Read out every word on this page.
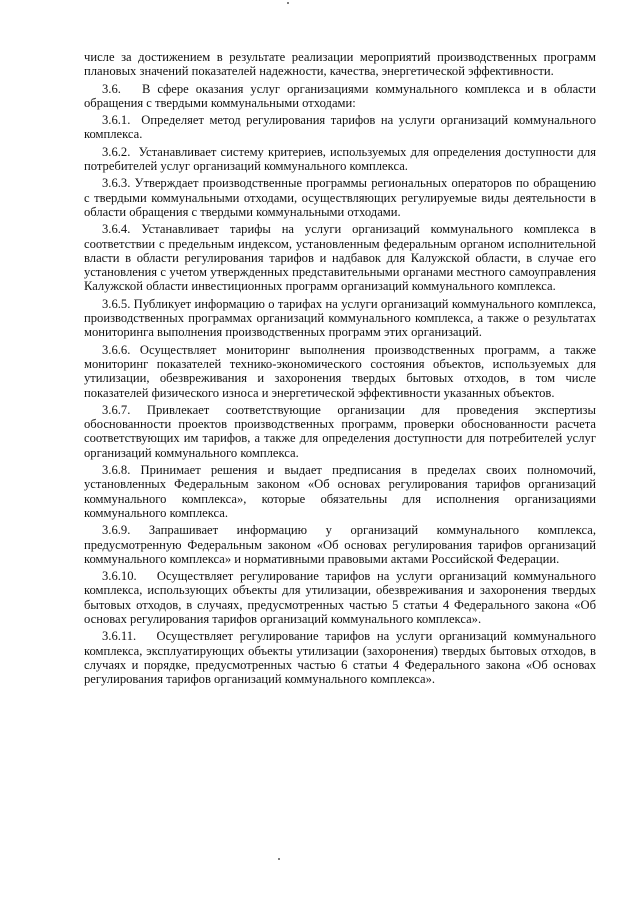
числе за достижением в результате реализации мероприятий производственных программ плановых значений показателей надежности, качества, энергетической эффективности.

3.6.   В сфере оказания услуг организациями коммунального комплекса и в области обращения с твердыми коммунальными отходами:

3.6.1.  Определяет метод регулирования тарифов на услуги организаций коммунального комплекса.

3.6.2.  Устанавливает систему критериев, используемых для определения доступности для потребителей услуг организаций коммунального комплекса.

3.6.3. Утверждает производственные программы региональных операторов по обращению с твердыми коммунальными отходами, осуществляющих регулируемые виды деятельности в области обращения с твердыми коммунальными отходами.

3.6.4. Устанавливает тарифы на услуги организаций коммунального комплекса в соответствии с предельным индексом, установленным федеральным органом исполнительной власти в области регулирования тарифов и надбавок для Калужской области, в случае его установления с учетом утвержденных представительными органами местного самоуправления Калужской области инвестиционных программ организаций коммунального комплекса.

3.6.5. Публикует информацию о тарифах на услуги организаций коммунального комплекса, производственных программах организаций коммунального комплекса, а также о результатах мониторинга выполнения производственных программ этих организаций.

3.6.6. Осуществляет мониторинг выполнения производственных программ, а также мониторинг показателей технико-экономического состояния объектов, используемых для утилизации, обезвреживания и захоронения твердых бытовых отходов, в том числе показателей физического износа и энергетической эффективности указанных объектов.

3.6.7. Привлекает соответствующие организации для проведения экспертизы обоснованности проектов производственных программ, проверки обоснованности расчета соответствующих им тарифов, а также для определения доступности для потребителей услуг организаций коммунального комплекса.

3.6.8. Принимает решения и выдает предписания в пределах своих полномочий, установленных Федеральным законом «Об основах регулирования тарифов организаций коммунального комплекса», которые обязательны для исполнения организациями коммунального комплекса.

3.6.9. Запрашивает информацию у организаций коммунального комплекса, предусмотренную Федеральным законом «Об основах регулирования тарифов организаций коммунального комплекса» и нормативными правовыми актами Российской Федерации.

3.6.10.   Осуществляет регулирование тарифов на услуги организаций коммунального комплекса, использующих объекты для утилизации, обезвреживания и захоронения твердых бытовых отходов, в случаях, предусмотренных частью 5 статьи 4 Федерального закона «Об основах регулирования тарифов организаций коммунального комплекса».

3.6.11.   Осуществляет регулирование тарифов на услуги организаций коммунального комплекса, эксплуатирующих объекты утилизации (захоронения) твердых бытовых отходов, в случаях и порядке, предусмотренных частью 6 статьи 4 Федерального закона «Об основах регулирования тарифов организаций коммунального комплекса».
